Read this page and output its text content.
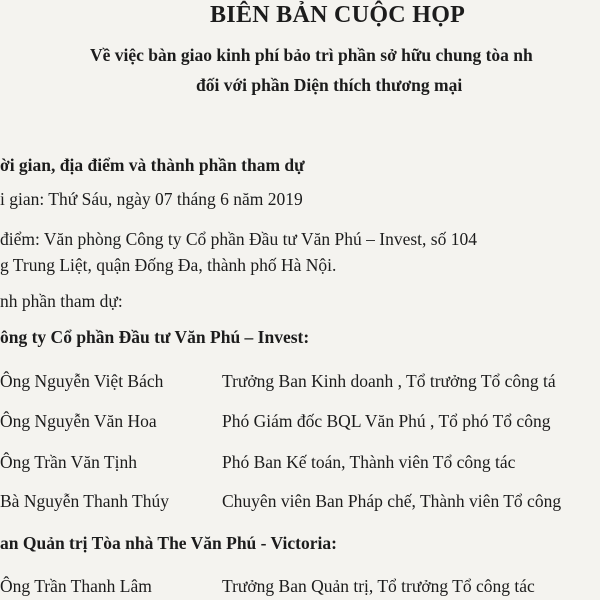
BIÊN BẢN CUỘC HỌP
Về việc bàn giao kinh phí bảo trì phần sở hữu chung tòa nh
đối với phần Diện thích thương mại
ời gian, địa điểm và thành phần tham dự
i gian: Thứ Sáu, ngày 07 tháng 6 năm 2019
điểm: Văn phòng Công ty Cổ phần Đầu tư Văn Phú – Invest, số 104
g Trung Liệt, quận Đống Đa, thành phố Hà Nội.
nh phần tham dự:
ông ty Cổ phần Đầu tư Văn Phú – Invest:
Ông Nguyễn Việt Bách	Trưởng Ban Kinh doanh , Tổ trưởng Tổ công tá
Ông Nguyễn Văn Hoa	Phó Giám đốc BQL Văn Phú , Tổ phó Tổ công
Ông Trần Văn Tịnh	Phó Ban Kế toán, Thành viên Tổ công tác
Bà Nguyễn Thanh Thúy	Chuyên viên Ban Pháp chế, Thành viên Tổ công
an Quản trị Tòa nhà The Văn Phú - Victoria:
Ông Trần Thanh Lâm	Trưởng Ban Quản trị, Tổ trưởng Tổ công tác
